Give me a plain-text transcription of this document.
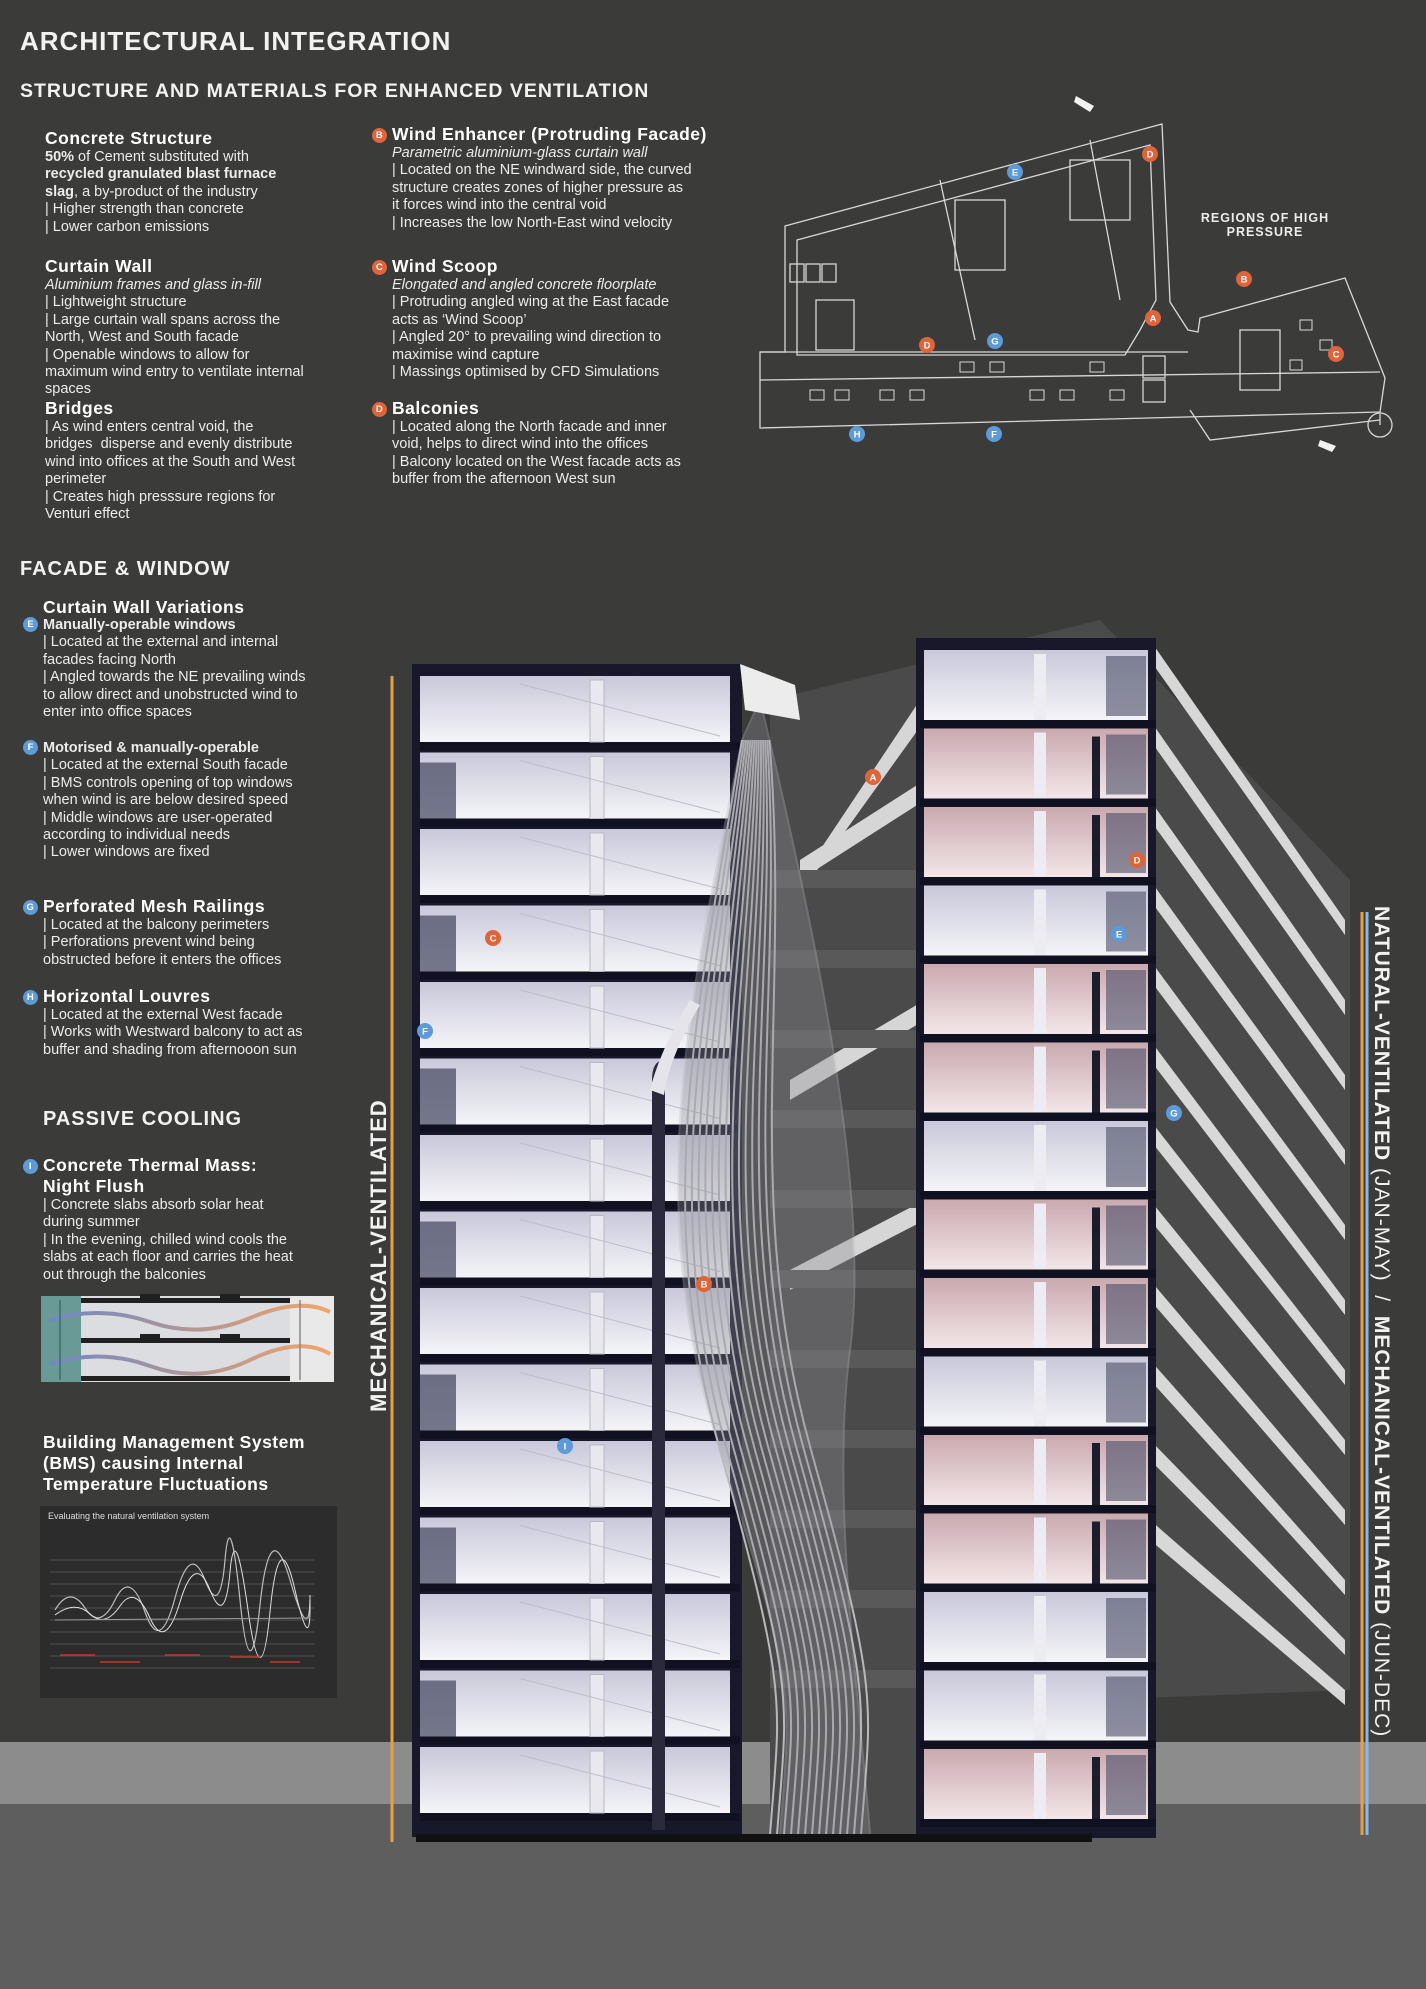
ARCHITECTURAL INTEGRATION
STRUCTURE AND MATERIALS FOR ENHANCED VENTILATION
Concrete Structure

50% of Cement substituted with

recycled granulated blast furnace

slag, a by-product of the industry

| Higher strength than concrete

| Lower carbon emissions

Curtain Wall

Aluminium frames and glass in-fill

| Lightweight structure

| Large curtain wall spans across the

North, West and South facade

| Openable windows to allow for

maximum wind entry to ventilate internal

spaces

Bridges

| As wind enters central void, the

bridges  disperse and evenly distribute

wind into offices at the South and West

perimeter

| Creates high presssure regions for

Venturi effect

B Wind Enhancer (Protruding Facade)

Parametric aluminium-glass curtain wall

| Located on the NE windward side, the curved

structure creates zones of higher pressure as

it forces wind into the central void

| Increases the low North-East wind velocity

C Wind Scoop

Elongated and angled concrete floorplate

| Protruding angled wing at the East facade

acts as ‘Wind Scoop’

| Angled 20° to prevailing wind direction to

maximise wind capture

| Massings optimised by CFD Simulations

D Balconies

| Located along the North facade and inner

void, helps to direct wind into the offices

| Balcony located on the West facade acts as

buffer from the afternoon West sun

FACADE & WINDOW
Curtain Wall Variations
E Manually-operable windows
| Located at the external and internal
facades facing North
| Angled towards the NE prevailing winds
to allow direct and unobstructed wind to
enter into office spaces
F Motorised & manually-operable
| Located at the external South facade
| BMS controls opening of top windows
when wind is are below desired speed
| Middle windows are user-operated
according to individual needs
| Lower windows are fixed
G Perforated Mesh Railings
| Located at the balcony perimeters
| Perforations prevent wind being
obstructed before it enters the offices
H Horizontal Louvres
| Located at the external West facade
| Works with Westward balcony to act as
buffer and shading from afternooon sun
PASSIVE COOLING
I Concrete Thermal Mass:
Night Flush
| Concrete slabs absorb solar heat
during summer
| In the evening, chilled wind cools the
slabs at each floor and carries the heat
out through the balconies
Building Management System
(BMS) causing Internal
Temperature Fluctuations
Evaluating the natural ventilation system
A
B
C
D
D
E
F
G
H
A
B
C
D
E
F
G
I
REGIONS OF HIGH
PRESSURE
MECHANICAL-VENTILATED
NATURAL-VENTILATED (JAN-MAY)  /  MECHANICAL-VENTILATED (JUN-DEC)
